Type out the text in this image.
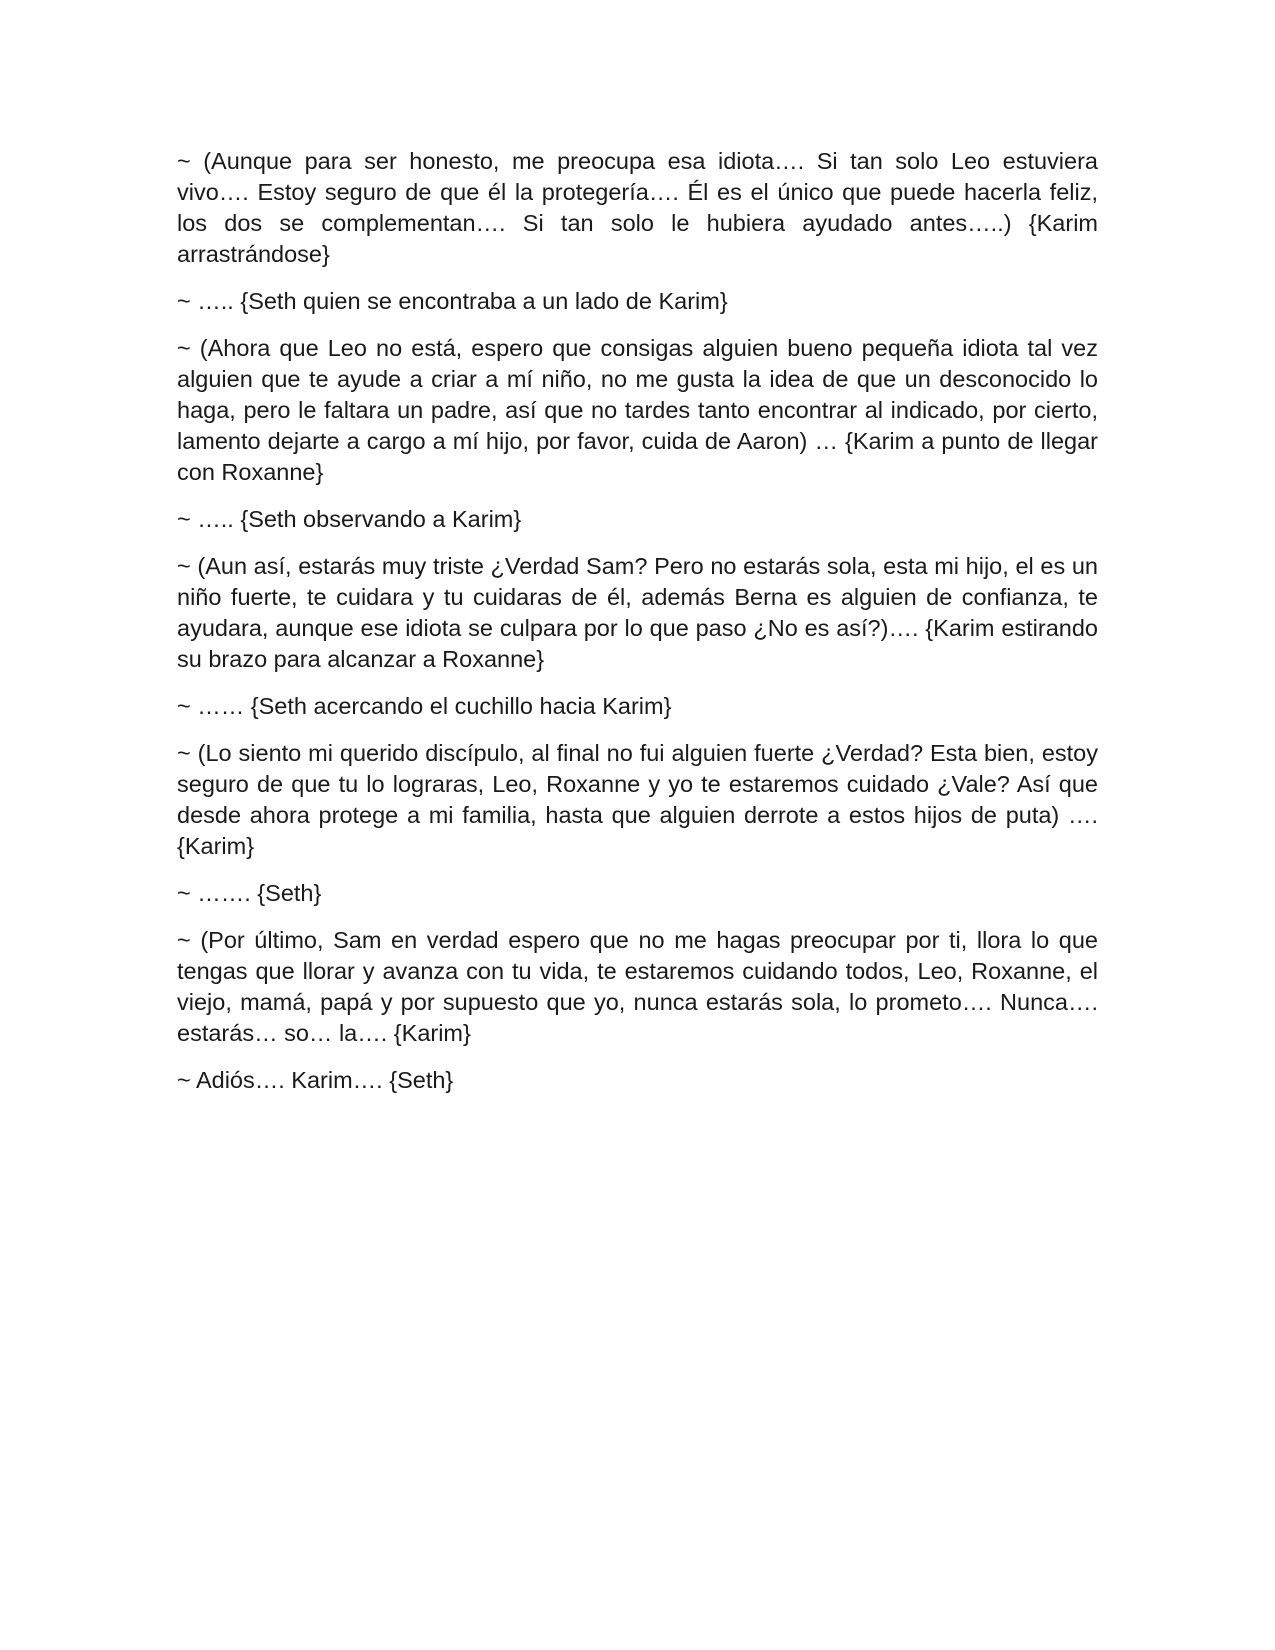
~ (Aunque para ser honesto, me preocupa esa idiota…. Si tan solo Leo estuviera vivo…. Estoy seguro de que él la protegería…. Él es el único que puede hacerla feliz, los dos se complementan…. Si tan solo le hubiera ayudado antes…..) {Karim arrastrándose}

~ ….. {Seth quien se encontraba a un lado de Karim}

~ (Ahora que Leo no está, espero que consigas alguien bueno pequeña idiota tal vez alguien que te ayude a criar a mí niño, no me gusta la idea de que un desconocido lo haga, pero le faltara un padre, así que no tardes tanto encontrar al indicado, por cierto, lamento dejarte a cargo a mí hijo, por favor, cuida de Aaron) … {Karim a punto de llegar con Roxanne}

~ ….. {Seth observando a Karim}

~ (Aun así, estarás muy triste ¿Verdad Sam? Pero no estarás sola, esta mi hijo, el es un niño fuerte, te cuidara y tu cuidaras de él, además Berna es alguien de confianza, te ayudara, aunque ese idiota se culpara por lo que paso ¿No es así?)…. {Karim estirando su brazo para alcanzar a Roxanne}

~ …… {Seth acercando el cuchillo hacia Karim}

~ (Lo siento mi querido discípulo, al final no fui alguien fuerte ¿Verdad? Esta bien, estoy seguro de que tu lo lograras, Leo, Roxanne y yo te estaremos cuidado ¿Vale? Así que desde ahora protege a mi familia, hasta que alguien derrote a estos hijos de puta) …. {Karim}

~ ……. {Seth}

~ (Por último, Sam en verdad espero que no me hagas preocupar por ti, llora lo que tengas que llorar y avanza con tu vida, te estaremos cuidando todos, Leo, Roxanne, el viejo, mamá, papá y por supuesto que yo, nunca estarás sola, lo prometo…. Nunca…. estarás… so… la…. {Karim}

~ Adiós…. Karim…. {Seth}
